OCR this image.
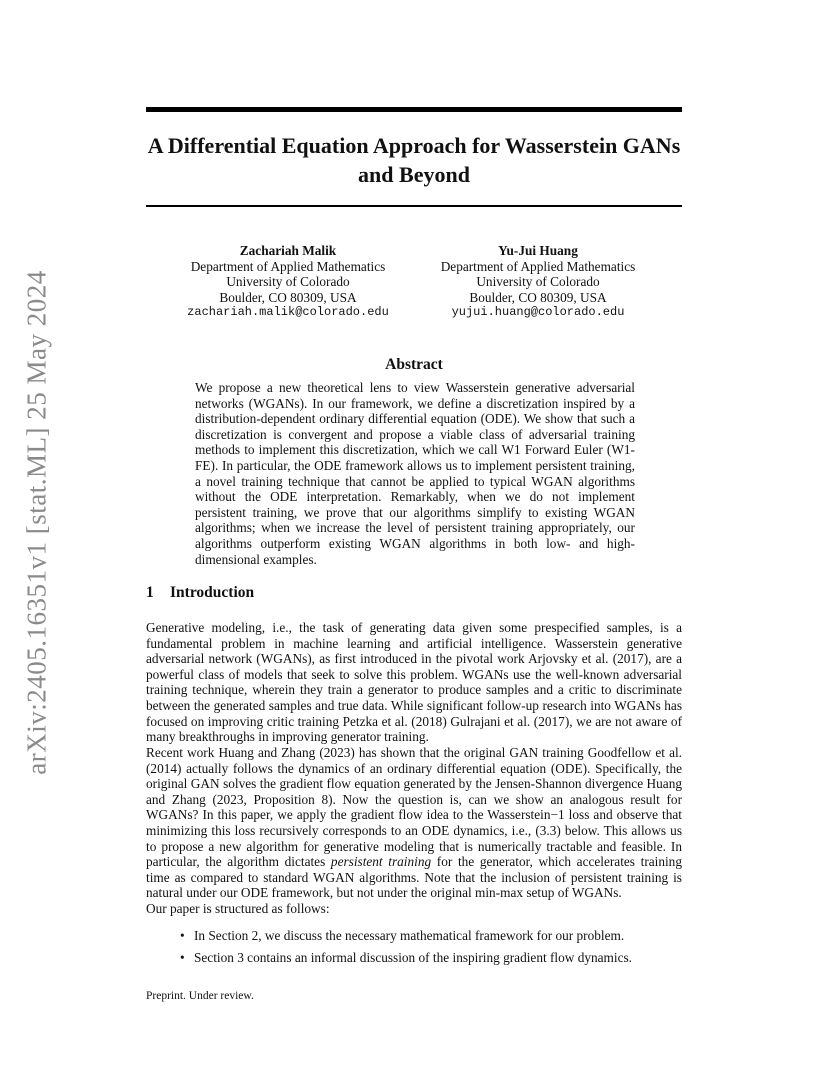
arXiv:2405.16351v1 [stat.ML] 25 May 2024
A Differential Equation Approach for Wasserstein GANs and Beyond
Zachariah Malik
Department of Applied Mathematics
University of Colorado
Boulder, CO 80309, USA
zachariah.malik@colorado.edu
Yu-Jui Huang
Department of Applied Mathematics
University of Colorado
Boulder, CO 80309, USA
yujui.huang@colorado.edu
Abstract

We propose a new theoretical lens to view Wasserstein generative adversarial networks (WGANs). In our framework, we define a discretization inspired by a distribution-dependent ordinary differential equation (ODE). We show that such a discretization is convergent and propose a viable class of adversarial training methods to implement this discretization, which we call W1 Forward Euler (W1-FE). In particular, the ODE framework allows us to implement persistent training, a novel training technique that cannot be applied to typical WGAN algorithms without the ODE interpretation. Remarkably, when we do not implement persistent training, we prove that our algorithms simplify to existing WGAN algorithms; when we increase the level of persistent training appropriately, our algorithms outperform existing WGAN algorithms in both low- and high-dimensional examples.

1 Introduction

Generative modeling, i.e., the task of generating data given some prespecified samples, is a fundamental problem in machine learning and artificial intelligence. Wasserstein generative adversarial network (WGANs), as first introduced in the pivotal work Arjovsky et al. (2017), are a powerful class of models that seek to solve this problem. WGANs use the well-known adversarial training technique, wherein they train a generator to produce samples and a critic to discriminate between the generated samples and true data. While significant follow-up research into WGANs has focused on improving critic training Petzka et al. (2018) Gulrajani et al. (2017), we are not aware of many breakthroughs in improving generator training.

Recent work Huang and Zhang (2023) has shown that the original GAN training Goodfellow et al. (2014) actually follows the dynamics of an ordinary differential equation (ODE). Specifically, the original GAN solves the gradient flow equation generated by the Jensen-Shannon divergence Huang and Zhang (2023, Proposition 8). Now the question is, can we show an analogous result for WGANs? In this paper, we apply the gradient flow idea to the Wasserstein−1 loss and observe that minimizing this loss recursively corresponds to an ODE dynamics, i.e., (3.3) below. This allows us to propose a new algorithm for generative modeling that is numerically tractable and feasible. In particular, the algorithm dictates persistent training for the generator, which accelerates training time as compared to standard WGAN algorithms. Note that the inclusion of persistent training is natural under our ODE framework, but not under the original min-max setup of WGANs.

Our paper is structured as follows:

• In Section 2, we discuss the necessary mathematical framework for our problem.
• Section 3 contains an informal discussion of the inspiring gradient flow dynamics.

Preprint. Under review.
